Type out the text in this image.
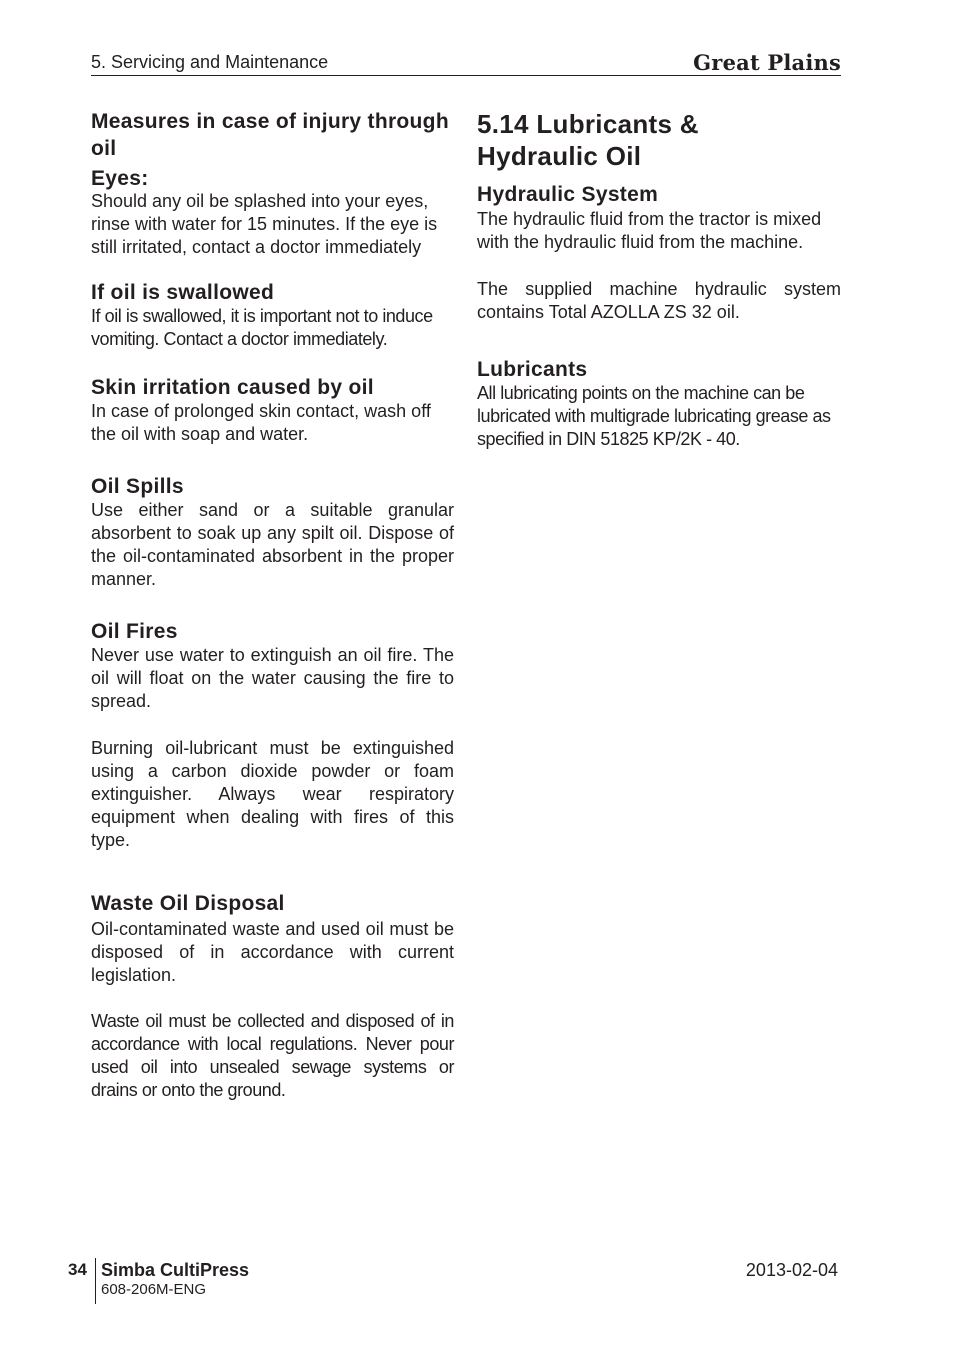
5. Servicing and Maintenance	Great Plains
Measures in case of injury through oil
Eyes:

Should any oil be splashed into your eyes, rinse with water for 15 minutes. If the eye is still irritated, contact a doctor immediately

If oil is swallowed

If oil is swallowed, it is important not to induce vomiting. Contact a doctor immediately.

Skin irritation caused by oil

In case of prolonged skin contact, wash off the oil with soap and water.

Oil Spills

Use either sand or a suitable granular absorbent to soak up any spilt oil. Dispose of the oil-contaminated absorbent in the proper manner.

Oil Fires

Never use water to extinguish an oil fire. The oil will float on the water causing the fire to spread.

Burning oil-lubricant must be extinguished using a carbon dioxide powder or foam extinguisher. Always wear respiratory equipment when dealing with fires of this type.

Waste Oil Disposal

Oil-contaminated waste and used oil must be disposed of in accordance with current legislation.

Waste oil must be collected and disposed of in accordance with local regulations. Never pour used oil into unsealed sewage systems or drains or onto the ground.

5.14 Lubricants & Hydraulic Oil
Hydraulic System

The hydraulic fluid from the tractor is mixed with the hydraulic fluid from the machine.

The supplied machine hydraulic system contains Total AZOLLA ZS 32 oil.

Lubricants

All lubricating points on the machine can be lubricated with multigrade lubricating grease as specified in DIN 51825 KP/2K - 40.

34 Simba CultiPress
608-206M-ENG
2013-02-04
